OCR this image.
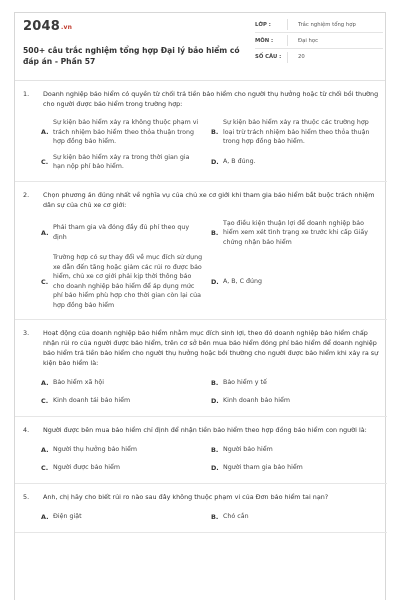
2048.vn
500+ câu trắc nghiệm tổng hợp Đại lý bảo hiểm có đáp án - Phần 57
LỚP :	Trắc nghiệm tổng hợp
MÔN :	Đại học
SỐ CÂU :	20
1.	Doanh nghiệp bảo hiểm có quyền từ chối trả tiền bảo hiểm cho người thụ hưởng hoặc từ chối bồi thường cho người được bảo hiểm trong trường hợp:
A.
Sự kiện bảo hiểm xảy ra không thuộc phạm vi trách nhiệm bảo hiểm theo thỏa thuận trong hợp đồng bảo hiểm.
B.
Sự kiện bảo hiểm xảy ra thuộc các trường hợp loại trừ trách nhiệm bảo hiểm theo thỏa thuận trong hợp đồng bảo hiểm.
C.
Sự kiện bảo hiểm xảy ra trong thời gian gia hạn nộp phí bảo hiểm.
D. A, B đúng.
2.	Chọn phương án đúng nhất về nghĩa vụ của chủ xe cơ giới khi tham gia bảo hiểm bắt buộc trách nhiệm dân sự của chủ xe cơ giới:
A.
Phải tham gia và đóng đầy đủ phí theo quy định
B.
Tạo điều kiện thuận lợi để doanh nghiệp bảo hiểm xem xét tình trạng xe trước khi cấp Giấy chứng nhận bảo hiểm
C.
Trường hợp có sự thay đổi về mục đích sử dụng xe dẫn đến tăng hoặc giảm các rủi ro được bảo hiểm, chủ xe cơ giới phải kịp thời thông báo cho doanh nghiệp bảo hiểm để áp dụng mức phí bảo hiểm phù hợp cho thời gian còn lại của hợp đồng bảo hiểm
D. A, B, C đúng
3.	Hoạt động của doanh nghiệp bảo hiểm nhằm mục đích sinh lợi, theo đó doanh nghiệp bảo hiểm chấp nhận rủi ro của người được bảo hiểm, trên cơ sở bên mua bảo hiểm đóng phí bảo hiểm để doanh nghiệp bảo hiểm trả tiền bảo hiểm cho người thụ hưởng hoặc bồi thường cho người được bảo hiểm khi xảy ra sự kiện bảo hiểm là:
A. Bảo hiểm xã hội	B. Bảo hiểm y tế
C. Kinh doanh tái bảo hiểm	D. Kinh doanh bảo hiểm
4.	Người được bên mua bảo hiểm chỉ định để nhận tiền bảo hiểm theo hợp đồng bảo hiểm con người là:
A. Người thụ hưởng bảo hiểm	B. Người bảo hiểm
C. Người được bảo hiểm	D. Người tham gia bảo hiểm
5.	Anh, chị hãy cho biết rủi ro nào sau đây không thuộc phạm vi của Đơn bảo hiểm tai nạn?
A. Điện giật	B. Chó cắn
